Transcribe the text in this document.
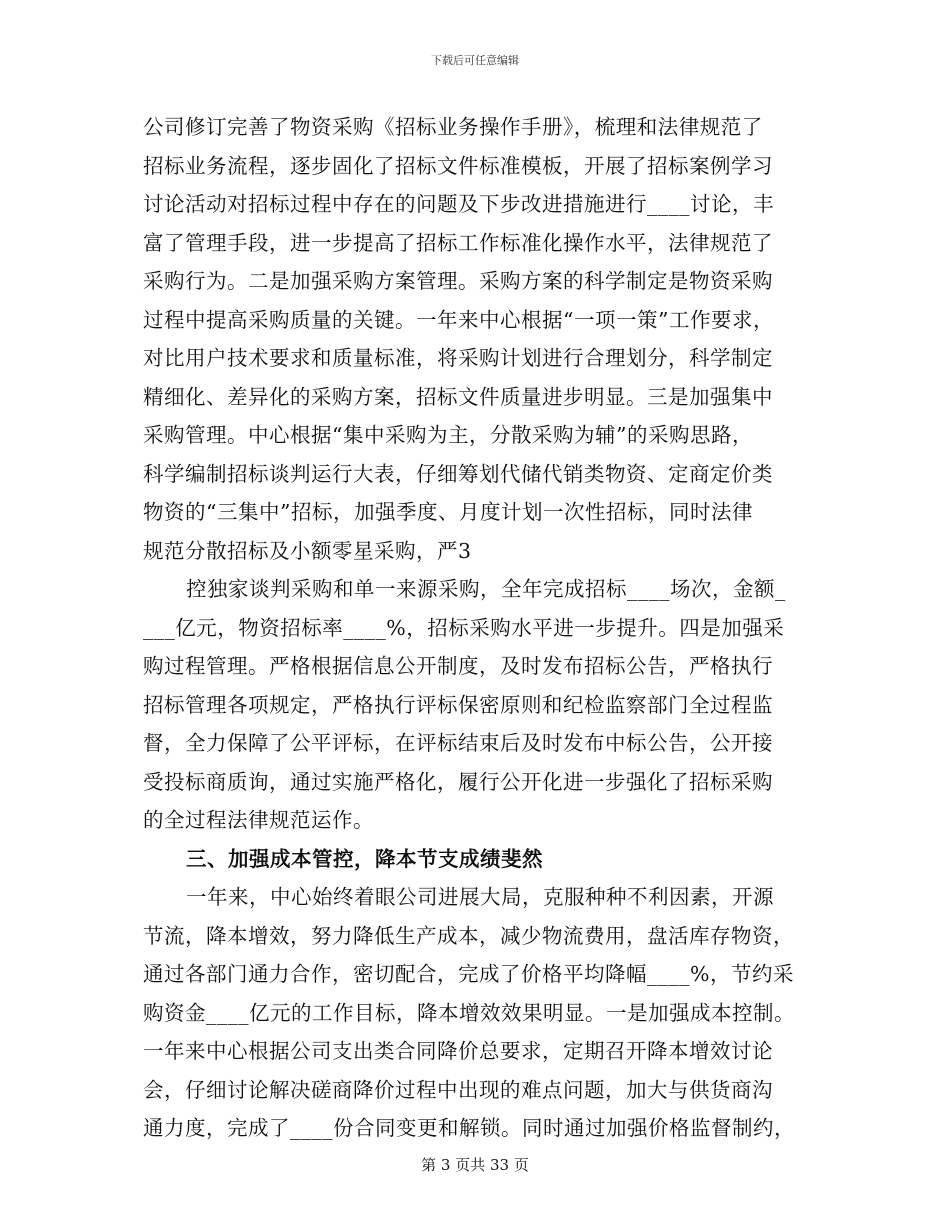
下载后可任意编辑
公司修订完善了物资采购《招标业务操作手册》，梳理和法律规范了
招标业务流程，逐步固化了招标文件标准模板，开展了招标案例学习
讨论活动对招标过程中存在的问题及下步改进措施进行____讨论，丰
富了管理手段，进一步提高了招标工作标准化操作水平，法律规范了
采购行为。二是加强采购方案管理。采购方案的科学制定是物资采购
过程中提高采购质量的关键。一年来中心根据“一项一策”工作要求，
对比用户技术要求和质量标准，将采购计划进行合理划分，科学制定
精细化、差异化的采购方案，招标文件质量进步明显。三是加强集中
采购管理。中心根据“集中采购为主，分散采购为辅”的采购思路，
科学编制招标谈判运行大表，仔细筹划代储代销类物资、定商定价类
物资的“三集中”招标，加强季度、月度计划一次性招标，同时法律
规范分散招标及小额零星采购，严3
控独家谈判采购和单一来源采购，全年完成招标____场次，金额_
___亿元，物资招标率____%，招标采购水平进一步提升。四是加强采
购过程管理。严格根据信息公开制度，及时发布招标公告，严格执行
招标管理各项规定，严格执行评标保密原则和纪检监察部门全过程监
督，全力保障了公平评标，在评标结束后及时发布中标公告，公开接
受投标商质询，通过实施严格化，履行公开化进一步强化了招标采购
的全过程法律规范运作。
三、加强成本管控，降本节支成绩斐然
一年来，中心始终着眼公司进展大局，克服种种不利因素，开源
节流，降本增效，努力降低生产成本，减少物流费用，盘活库存物资，
通过各部门通力合作，密切配合，完成了价格平均降幅____%，节约采
购资金____亿元的工作目标，降本增效效果明显。一是加强成本控制。
一年来中心根据公司支出类合同降价总要求，定期召开降本增效讨论
会，仔细讨论解决磋商降价过程中出现的难点问题，加大与供货商沟
通力度，完成了____份合同变更和解锁。同时通过加强价格监督制约，
第 3 页共 33 页
